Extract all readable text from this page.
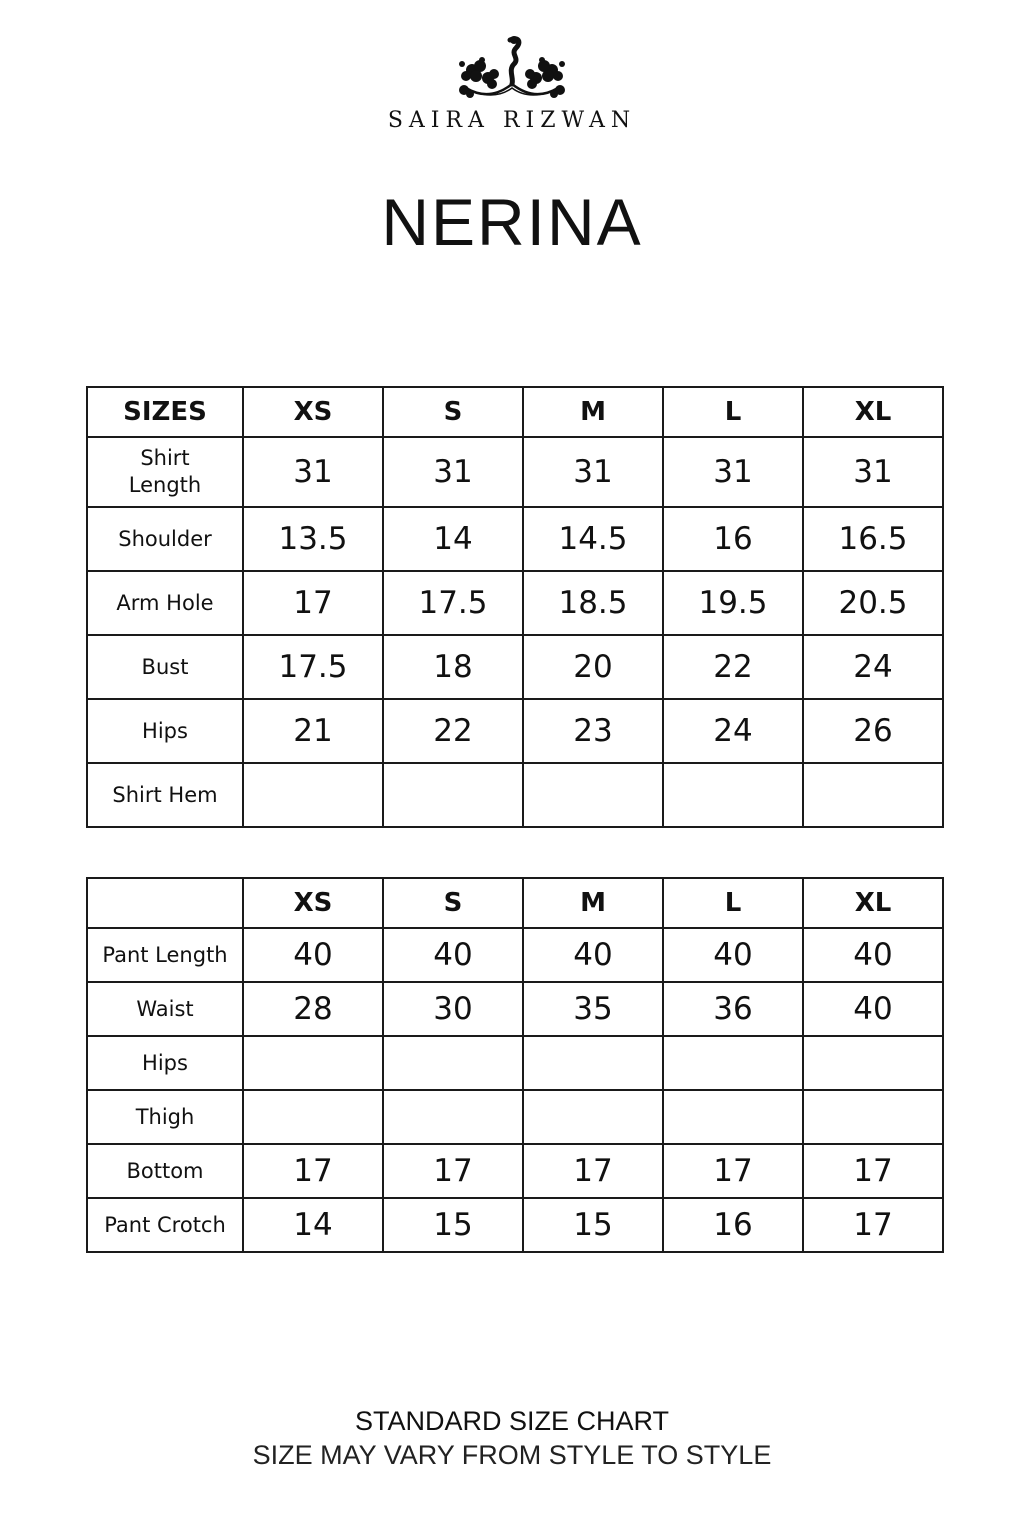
SAIRA RIZWAN
NERINA
SIZES	XS	S	M	L	XL

Shirt Length	31	31	31	31	31
Shoulder	13.5	14	14.5	16	16.5
Arm Hole	17	17.5	18.5	19.5	20.5
Bust	17.5	18	20	22	24
Hips	21	22	23	24	26
Shirt Hem					
	XS	S	M	L	XL
Pant Length	40	40	40	40	40
Waist	28	30	35	36	40
Hips					
Thigh					
Bottom	17	17	17	17	17
Pant Crotch	14	15	15	16	17
STANDARD SIZE CHART
SIZE MAY VARY FROM STYLE TO STYLE
